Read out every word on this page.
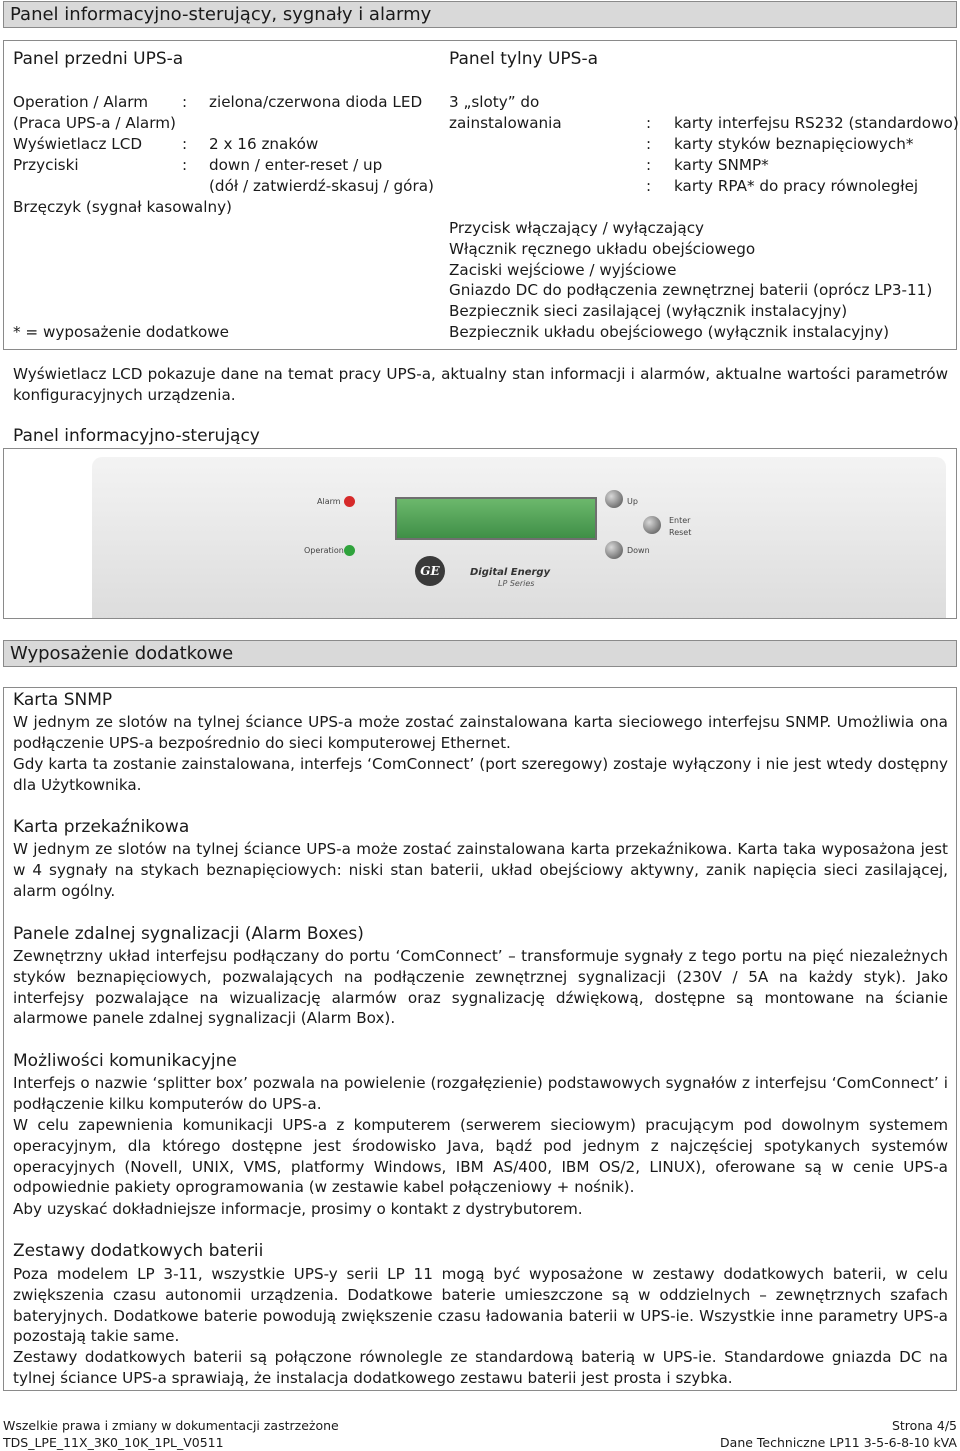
Panel informacyjno-sterujący, sygnały i alarmy
Panel przedni UPS-a	Panel tylny UPS-a
Operation / Alarm : zielona/czerwona dioda LED
(Praca UPS-a / Alarm)
Wyświetlacz LCD	: 2 x 16 znaków
Przyciski	: down / enter-reset / up
(dół / zatwierdź-skasuj / góra)
Brzęczyk (sygnał kasowalny)
* = wyposażenie dodatkowe
3 „sloty” do
zainstalowania	: karty interfejsu RS232 (standardowo)
: karty styków beznapięciowych*
: karty SNMP*
: karty RPA* do pracy równoległej
Przycisk włączający / wyłączający
Włącznik ręcznego układu obejściowego
Zaciski wejściowe / wyjściowe
Gniazdo DC do podłączenia zewnętrznej baterii (oprócz LP3-11)
Bezpiecznik sieci zasilającej (wyłącznik instalacyjny)
Bezpiecznik układu obejściowego (wyłącznik instalacyjny)
Wyświetlacz LCD pokazuje dane na temat pracy UPS-a, aktualny stan informacji i alarmów, aktualne wartości parametrów konfiguracyjnych urządzenia.
Panel informacyjno-sterujący
Alarm
Operation
Up
Enter
Reset
Down
GE	Digital Energy
LP Series
Wyposażenie dodatkowe
Karta SNMP
W jednym ze slotów na tylnej ściance UPS-a może zostać zainstalowana karta sieciowego interfejsu SNMP. Umożliwia ona podłączenie UPS-a bezpośrednio do sieci komputerowej Ethernet.
Gdy karta ta zostanie zainstalowana, interfejs ‘ComConnect’ (port szeregowy) zostaje wyłączony i nie jest wtedy dostępny dla Użytkownika.
Karta przekaźnikowa
W jednym ze slotów na tylnej ściance UPS-a może zostać zainstalowana karta przekaźnikowa. Karta taka wyposażona jest w 4 sygnały na stykach beznapięciowych: niski stan baterii, układ obejściowy aktywny, zanik napięcia sieci zasilającej, alarm ogólny.
Panele zdalnej sygnalizacji (Alarm Boxes)
Zewnętrzny układ interfejsu podłączany do portu ‘ComConnect’ – transformuje sygnały z tego portu na pięć niezależnych styków beznapięciowych, pozwalających na podłączenie zewnętrznej sygnalizacji (230V / 5A na każdy styk). Jako interfejsy pozwalające na wizualizację alarmów oraz sygnalizację dźwiękową, dostępne są montowane na ścianie alarmowe panele zdalnej sygnalizacji (Alarm Box).
Możliwości komunikacyjne
Interfejs o nazwie ‘splitter box’ pozwala na powielenie (rozgałęzienie) podstawowych sygnałów z interfejsu ‘ComConnect’ i podłączenie kilku komputerów do UPS-a.
W celu zapewnienia komunikacji UPS-a z komputerem (serwerem sieciowym) pracującym pod dowolnym systemem operacyjnym, dla którego dostępne jest środowisko Java, bądź pod jednym z najczęściej spotykanych systemów operacyjnych (Novell, UNIX, VMS, platformy Windows, IBM AS/400, IBM OS/2, LINUX), oferowane są w cenie UPS-a odpowiednie pakiety oprogramowania (w zestawie kabel połączeniowy + nośnik).
Aby uzyskać dokładniejsze informacje, prosimy o kontakt z dystrybutorem.
Zestawy dodatkowych baterii
Poza modelem LP 3-11, wszystkie UPS-y serii LP 11 mogą być wyposażone w zestawy dodatkowych baterii, w celu zwiększenia czasu autonomii urządzenia. Dodatkowe baterie umieszczone są w oddzielnych – zewnętrznych szafach bateryjnych. Dodatkowe baterie powodują zwiększenie czasu ładowania baterii w UPS-ie. Wszystkie inne parametry UPS-a pozostają takie same.
Zestawy dodatkowych baterii są połączone równolegle ze standardową baterią w UPS-ie. Standardowe gniazda DC na tylnej ściance UPS-a sprawiają, że instalacja dodatkowego zestawu baterii jest prosta i szybka.
Wszelkie prawa i zmiany w dokumentacji zastrzeżone
TDS_LPE_11X_3K0_10K_1PL_V0511
Strona 4/5
Dane Techniczne LP11 3-5-6-8-10 kVA
